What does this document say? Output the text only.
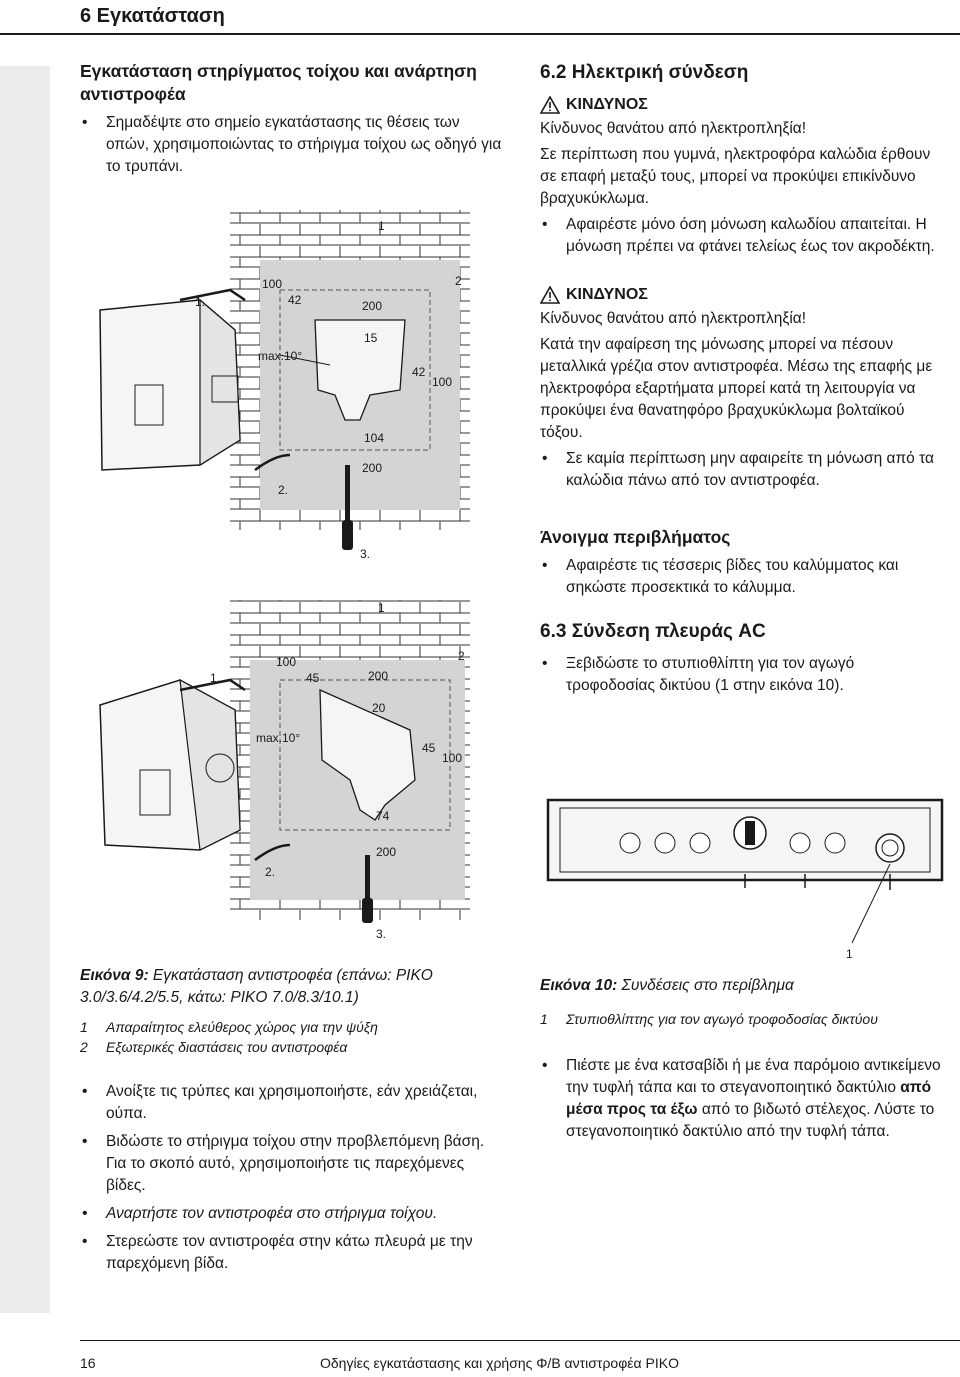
6 Εγκατάσταση
Εγκατάσταση στηρίγματος τοίχου και ανάρτηση αντιστροφέα
• Σημαδέψτε στο σημείο εγκατάστασης τις θέσεις των οπών, χρησιμοποιώντας το στήριγμα τοίχου ως οδηγό για το τρυπάνι.
1
2
1.
2.
3.
100
42	200
15
42
100
104
200
max.10°
1
2
1.
2.
3.
100
45	200
20
45
100
74
200
max.10°

Εικόνα 9: Εγκατάσταση αντιστροφέα (επάνω: PIKO 3.0/3.6/4.2/5.5, κάτω: PIKO 7.0/8.3/10.1)

1	Απαραίτητος ελεύθερος χώρος για την ψύξη
2	Εξωτερικές διαστάσεις του αντιστροφέα
• Ανοίξτε τις τρύπες και χρησιμοποιήστε, εάν χρειάζεται, ούπα.
• Βιδώστε το στήριγμα τοίχου στην προβλεπόμενη βάση. Για το σκοπό αυτό, χρησιμοποιήστε τις παρεχόμενες βίδες.
• Αναρτήστε τον αντιστροφέα στο στήριγμα τοίχου.
• Στερεώστε τον αντιστροφέα στην κάτω πλευρά με την παρεχόμενη βίδα.
6.2 Ηλεκτρική σύνδεση
ΚΙΝΔΥΝΟΣ

Κίνδυνος θανάτου από ηλεκτροπληξία!

Σε περίπτωση που γυμνά, ηλεκτροφόρα καλώδια έρθουν σε επαφή μεταξύ τους, μπορεί να προκύψει επικίνδυνο βραχυκύκλωμα.

• Αφαιρέστε μόνο όση μόνωση καλωδίου απαιτείται. Η μόνωση πρέπει να φτάνει τελείως έως τον ακροδέκτη.
ΚΙΝΔΥΝΟΣ

Κίνδυνος θανάτου από ηλεκτροπληξία!

Κατά την αφαίρεση της μόνωσης μπορεί να πέσουν μεταλλικά γρέζια στον αντιστροφέα. Μέσω της επαφής με ηλεκτροφόρα εξαρτήματα μπορεί κατά τη λειτουργία να προκύψει ένα θανατηφόρο βραχυκύκλωμα βολταϊκού τόξου.

• Σε καμία περίπτωση μην αφαιρείτε τη μόνωση από τα καλώδια πάνω από τον αντιστροφέα.
Άνοιγμα περιβλήματος
• Αφαιρέστε τις τέσσερις βίδες του καλύμματος και σηκώστε προσεκτικά το κάλυμμα.
6.3 Σύνδεση πλευράς AC
• Ξεβιδώστε το στυπιοθλίπτη για τον αγωγό τροφοδοσίας δικτύου (1 στην εικόνα 10).
1

Εικόνα 10: Συνδέσεις στο περίβλημα

1	Στυπιοθλίπτης για τον αγωγό τροφοδοσίας δικτύου
• Πιέστε με ένα κατσαβίδι ή με ένα παρόμοιο αντικείμενο την τυφλή τάπα και το στεγανοποιητικό δακτύλιο από μέσα προς τα έξω από το βιδωτό στέλεχος. Λύστε το στεγανοποιητικό δακτύλιο από την τυφλή τάπα.
16	Οδηγίες εγκατάστασης και χρήσης Φ/Β αντιστροφέα PIKO
